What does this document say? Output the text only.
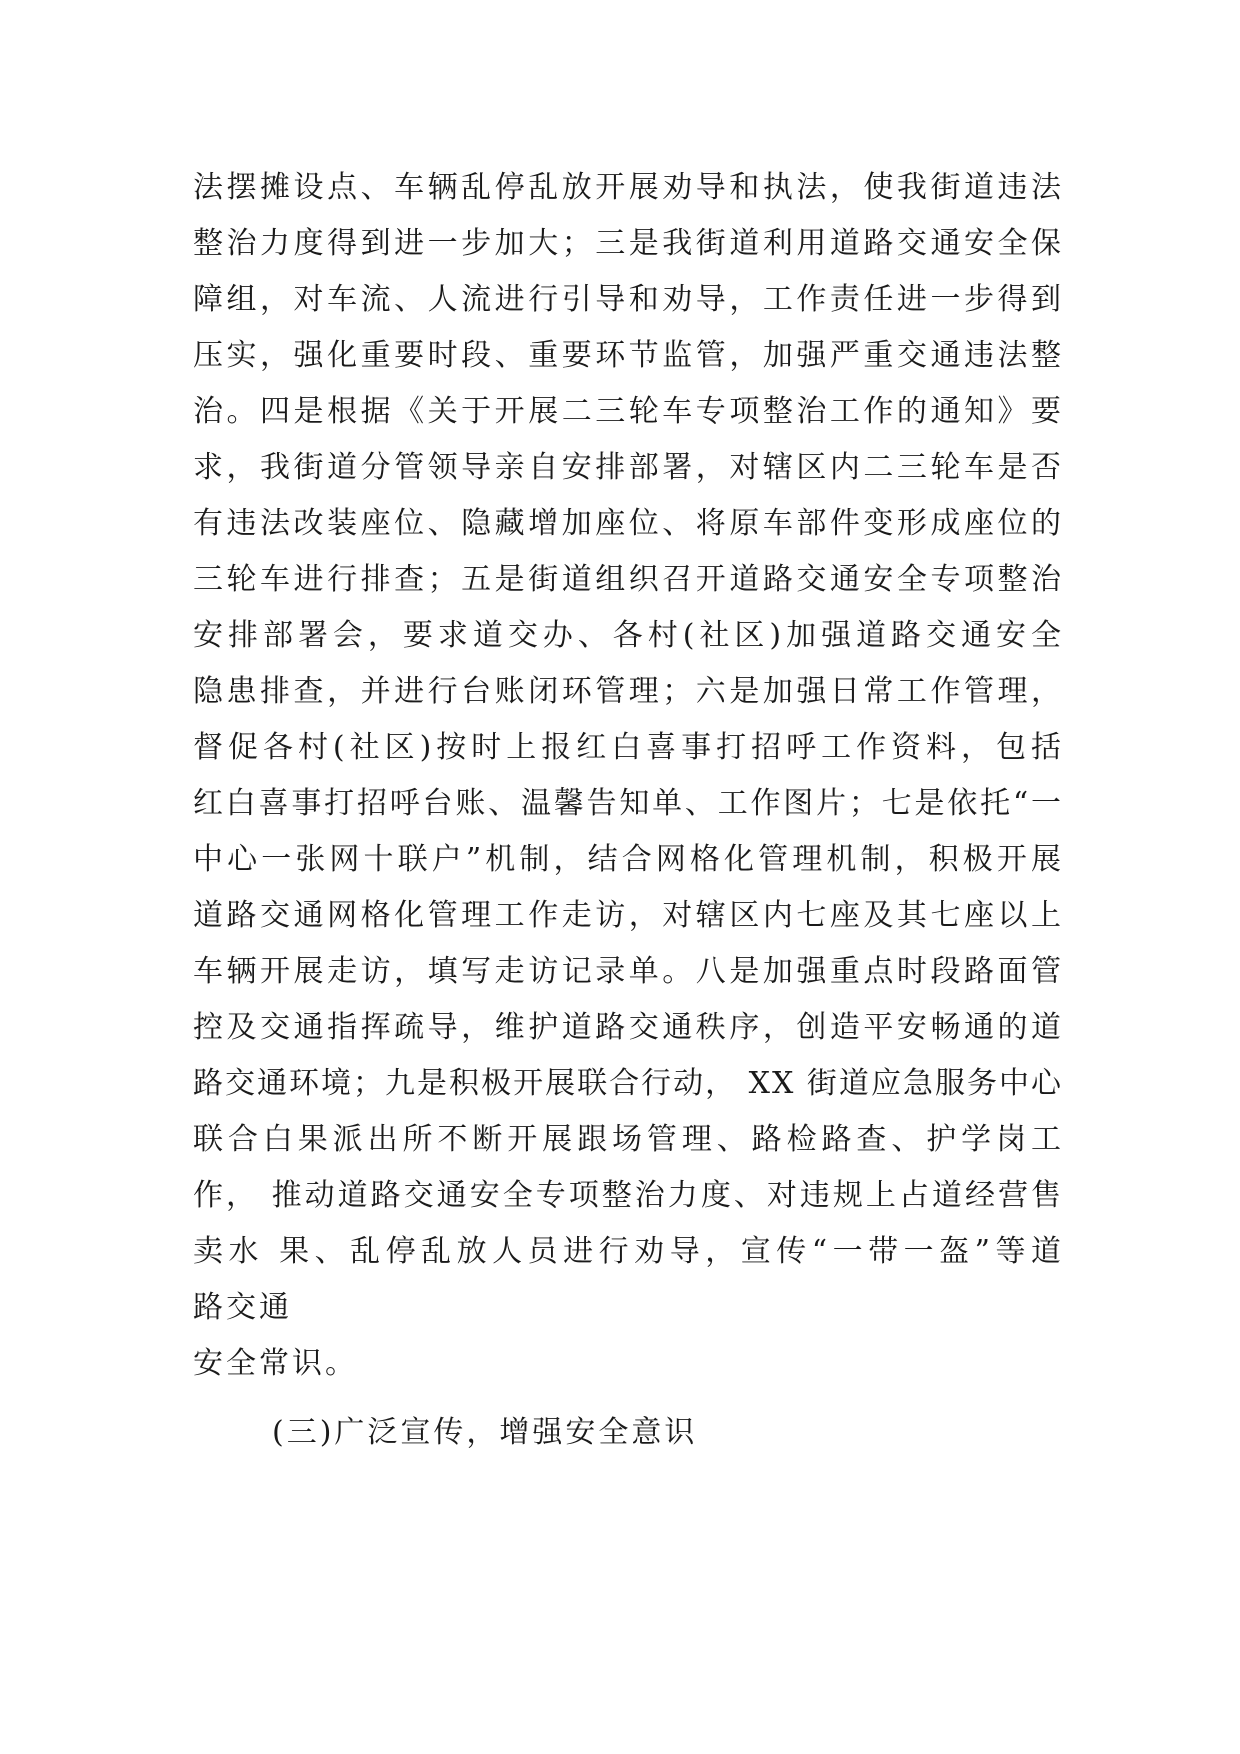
法摆摊设点、车辆乱停乱放开展劝导和执法，使我街道违法
整治力度得到进一步加大；三是我街道利用道路交通安全保
障组，对车流、人流进行引导和劝导，工作责任进一步得到
压实，强化重要时段、重要环节监管，加强严重交通违法整
治。四是根据《关于开展二三轮车专项整治工作的通知》要
求，我街道分管领导亲自安排部署，对辖区内二三轮车是否
有违法改装座位、隐藏增加座位、将原车部件变形成座位的
三轮车进行排查；五是街道组织召开道路交通安全专项整治
安排部署会，要求道交办、各村(社区)加强道路交通安全
隐患排查，并进行台账闭环管理；六是加强日常工作管理，
督促各村(社区)按时上报红白喜事打招呼工作资料，包括
红白喜事打招呼台账、温馨告知单、工作图片；七是依托“一
中心一张网十联户”机制，结合网格化管理机制，积极开展
道路交通网格化管理工作走访，对辖区内七座及其七座以上
车辆开展走访，填写走访记录单。八是加强重点时段路面管
控及交通指挥疏导，维护道路交通秩序，创造平安畅通的道
路交通环境；九是积极开展联合行动， XX 街道应急服务中心
联合白果派出所不断开展跟场管理、路检路查、护学岗工
作， 推动道路交通安全专项整治力度、对违规上占道经营售
卖水 果、乱停乱放人员进行劝导，宣传“一带一盔”等道
路交通
安全常识。
(三)广泛宣传，增强安全意识
